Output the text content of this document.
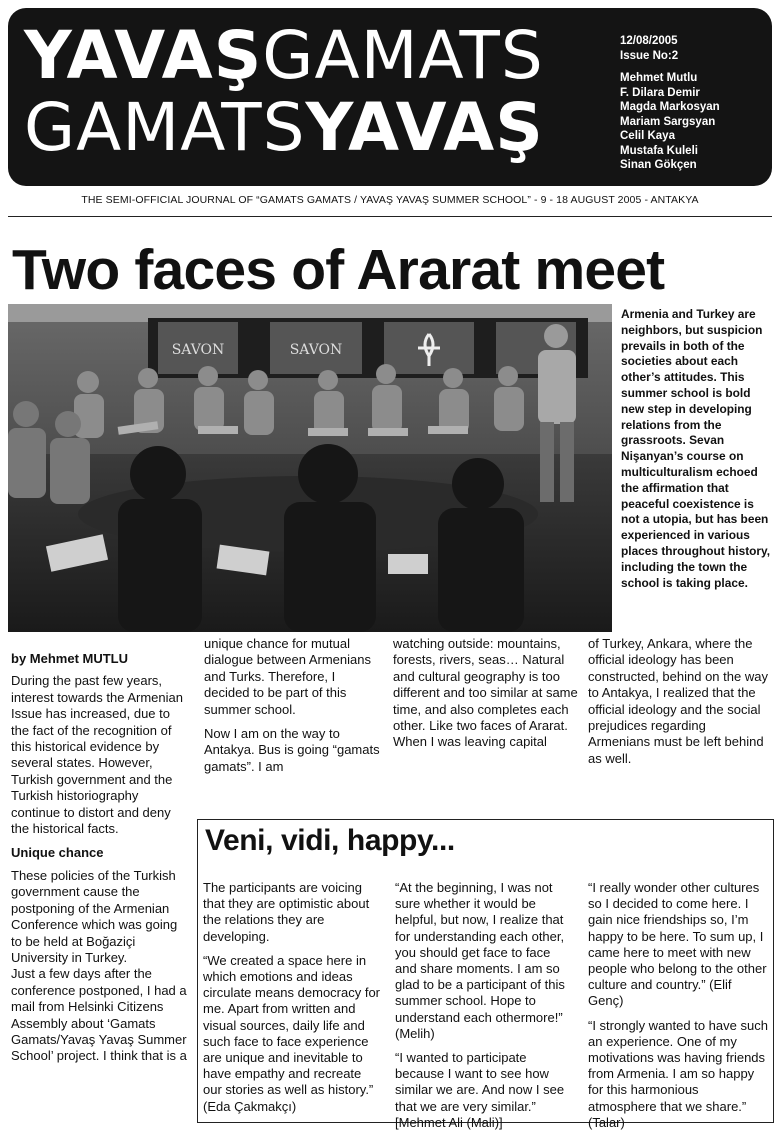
YAVAŞGAMATS
GAMATSYAVAŞ
12/08/2005
Issue No:2
Mehmet Mutlu
F. Dilara Demir
Magda Markosyan
Mariam Sargsyan
Celil Kaya
Mustafa Kuleli
Sinan Gökçen
THE SEMI-OFFICIAL JOURNAL OF “GAMATS GAMATS / YAVAŞ YAVAŞ SUMMER SCHOOL” - 9 - 18 AUGUST 2005 - ANTAKYA
Two faces of Ararat meet
SAVON	SAVON
Armenia and Turkey are neighbors, but suspicion prevails in both of the societies about each other’s attitudes. This summer school is bold new step in developing relations from the grassroots. Sevan Nişanyan’s course on multiculturalism echoed the affirmation that peaceful coexistence is not a utopia, but has been experienced in various places throughout history, including the town the school is taking place.
by Mehmet MUTLU

During the past few years, interest towards the Armenian Issue has increased, due to the fact of the recognition of this historical evidence by several states. However, Turkish government and the Turkish historiography continue to distort and deny the historical facts.

Unique chance

These policies of the Turkish government cause the postponing of the Armenian Conference which was going to be held at Boğaziçi University in Turkey.

Just a few days after the conference postponed, I had a mail from Helsinki Citizens Assembly about ‘Gamats Gamats/Yavaş Yavaş Summer School’ project. I think that is a

unique chance for mutual dialogue between Armenians and Turks. Therefore, I decided to be part of this summer school.

Now I am on the way to Antakya. Bus is going “gamats gamats”. I am

watching outside: mountains, forests, rivers, seas… Natural and cultural geography is too different and too similar at same time, and also completes each other. Like two faces of Ararat. When I was leaving capital

of Turkey, Ankara, where the official ideology has been constructed, behind on the way to Antakya, I realized that the official ideology and the social prejudices regarding Armenians must be left behind as well.

Veni, vidi, happy...

The participants are voicing that they are optimistic about the relations they are developing.

“We created a space here in which emotions and ideas circulate means democracy for me. Apart from written and visual sources, daily life and such face to face experience are unique and inevitable to have empathy and recreate our stories as well as history.” (Eda Çakmakçı)

“At the beginning, I was not sure whether it would be helpful, but now, I realize that for understanding each other, you should get face to face and share moments. I am so glad to be a participant of this summer school. Hope to understand each othermore!” (Melih)

“I wanted to participate because I want to see how similar we are. And now I see that we are very similar.” [Mehmet Ali (Mali)]

“I really wonder other cultures so I decided to come here. I gain nice friendships so, I’m happy to be here. To sum up, I came here to meet with new people who belong to the other culture and country.” (Elif Genç)

“I strongly wanted to have such an experience. One of my motivations was having friends from Armenia. I am so happy for this harmonious atmosphere that we share.” (Talar)
